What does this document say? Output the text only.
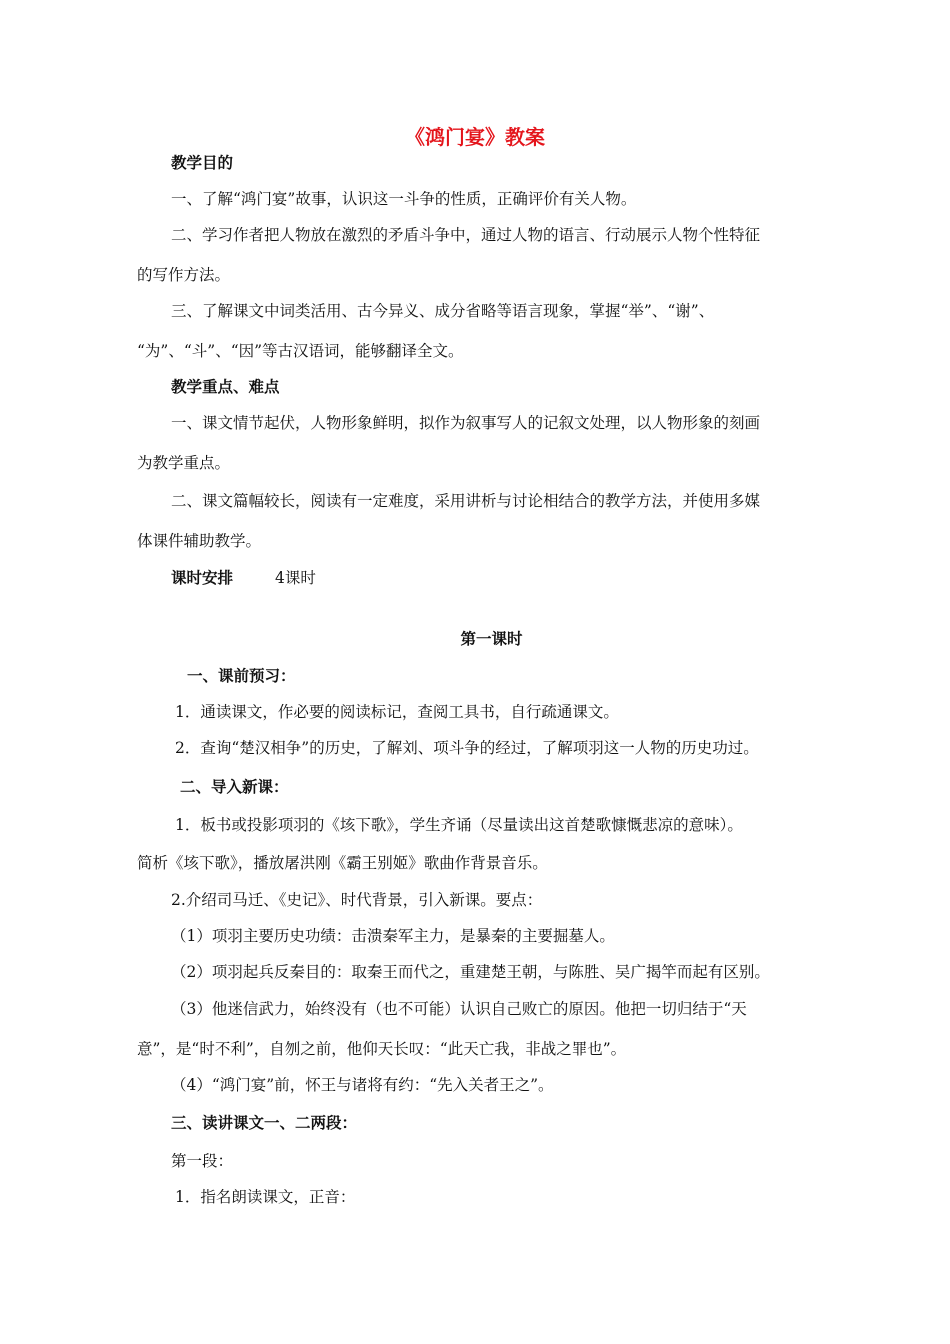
《鸿门宴》教案
教学目的
一、了解“鸿门宴”故事，认识这一斗争的性质，正确评价有关人物。
二、学习作者把人物放在激烈的矛盾斗争中，通过人物的语言、行动展示人物个性特征
的写作方法。
三、了解课文中词类活用、古今异义、成分省略等语言现象，掌握“举”、“谢”、
“为”、“斗”、“因”等古汉语词，能够翻译全文。
教学重点、难点
一、课文情节起伏，人物形象鲜明，拟作为叙事写人的记叙文处理，以人物形象的刻画
为教学重点。
二、课文篇幅较长，阅读有一定难度，采用讲析与讨论相结合的教学方法，并使用多媒
体课件辅助教学。
课时安排	4课时
第一课时
一、课前预习：
1．通读课文，作必要的阅读标记，查阅工具书，自行疏通课文。
2．查询“楚汉相争”的历史，了解刘、项斗争的经过，了解项羽这一人物的历史功过。
二、导入新课：
1．板书或投影项羽的《垓下歌》，学生齐诵（尽量读出这首楚歌慷慨悲凉的意味）。
简析《垓下歌》，播放屠洪刚《霸王别姬》歌曲作背景音乐。
2.介绍司马迁、《史记》、时代背景，引入新课。要点：
（1）项羽主要历史功绩：击溃秦军主力，是暴秦的主要掘墓人。
（2）项羽起兵反秦目的：取秦王而代之，重建楚王朝，与陈胜、吴广揭竿而起有区别。
（3）他迷信武力，始终没有（也不可能）认识自己败亡的原因。他把一切归结于“天
意”，是“时不利”，自刎之前，他仰天长叹：“此天亡我，非战之罪也”。
（4）“鸿门宴”前，怀王与诸将有约：“先入关者王之”。
三、读讲课文一、二两段：
第一段：
1．指名朗读课文，正音：
